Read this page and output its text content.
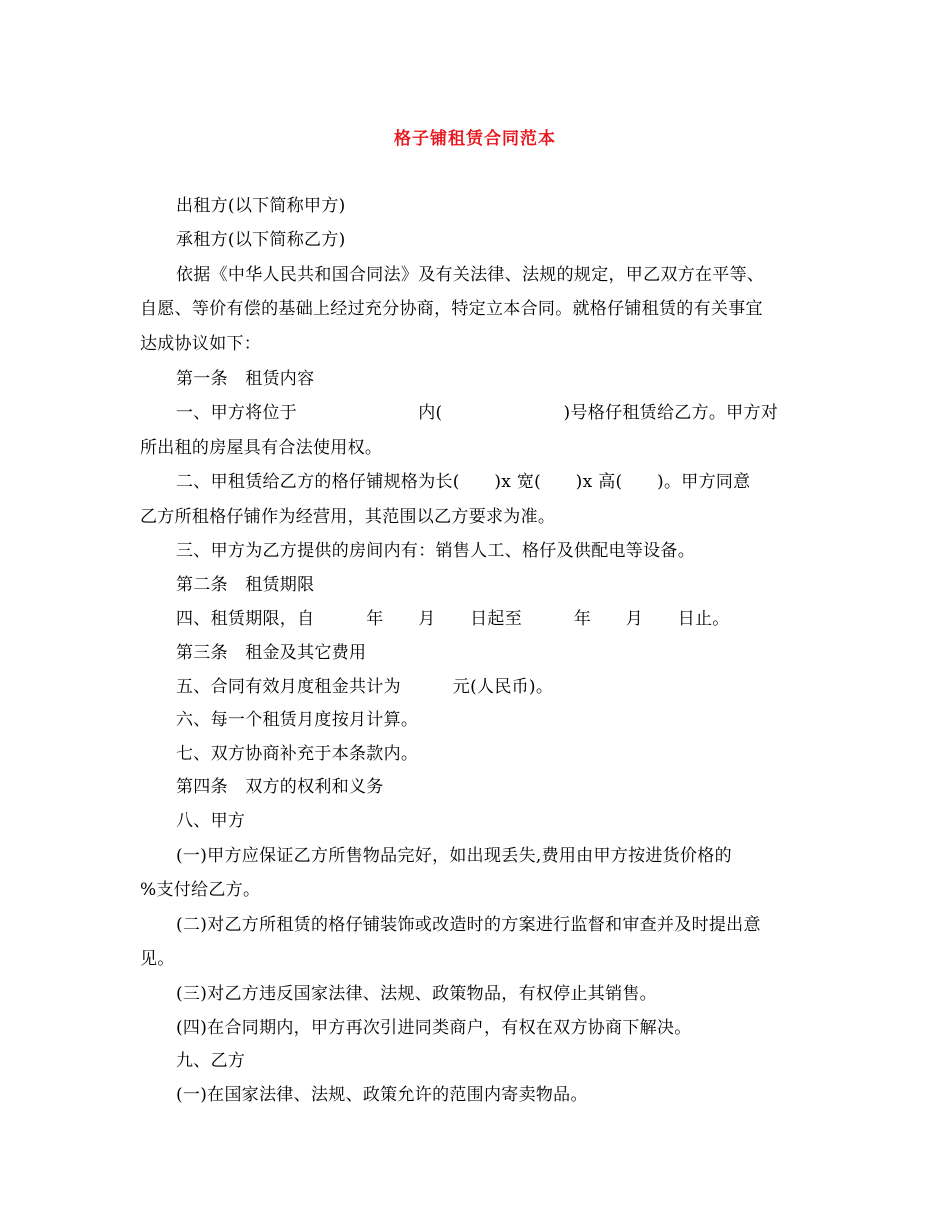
格子铺租赁合同范本
出租方(以下简称甲方)
承租方(以下简称乙方)
依据《中华人民共和国合同法》及有关法律、法规的规定，甲乙双方在平等、
自愿、等价有偿的基础上经过充分协商，特定立本合同。就格仔铺租赁的有关事宜
达成协议如下：
第一条　租赁内容
一、甲方将位于　　　　　　　内(　　　　　　　)号格仔租赁给乙方。甲方对
所出租的房屋具有合法使用权。
二、甲租赁给乙方的格仔铺规格为长(　　)x 宽(　　)x 高(　　)。甲方同意
乙方所租格仔铺作为经营用，其范围以乙方要求为准。
三、甲方为乙方提供的房间内有：销售人工、格仔及供配电等设备。
第二条　租赁期限
四、租赁期限，自　　　年　　月　　日起至　　　年　　月　　日止。
第三条　租金及其它费用
五、合同有效月度租金共计为　　　元(人民币)。
六、每一个租赁月度按月计算。
七、双方协商补充于本条款内。
第四条　双方的权利和义务
八、甲方
(一)甲方应保证乙方所售物品完好，如出现丢失,费用由甲方按进货价格的
%支付给乙方。
(二)对乙方所租赁的格仔铺装饰或改造时的方案进行监督和审查并及时提出意
见。
(三)对乙方违反国家法律、法规、政策物品，有权停止其销售。
(四)在合同期内，甲方再次引进同类商户，有权在双方协商下解决。
九、乙方
(一)在国家法律、法规、政策允许的范围内寄卖物品。
